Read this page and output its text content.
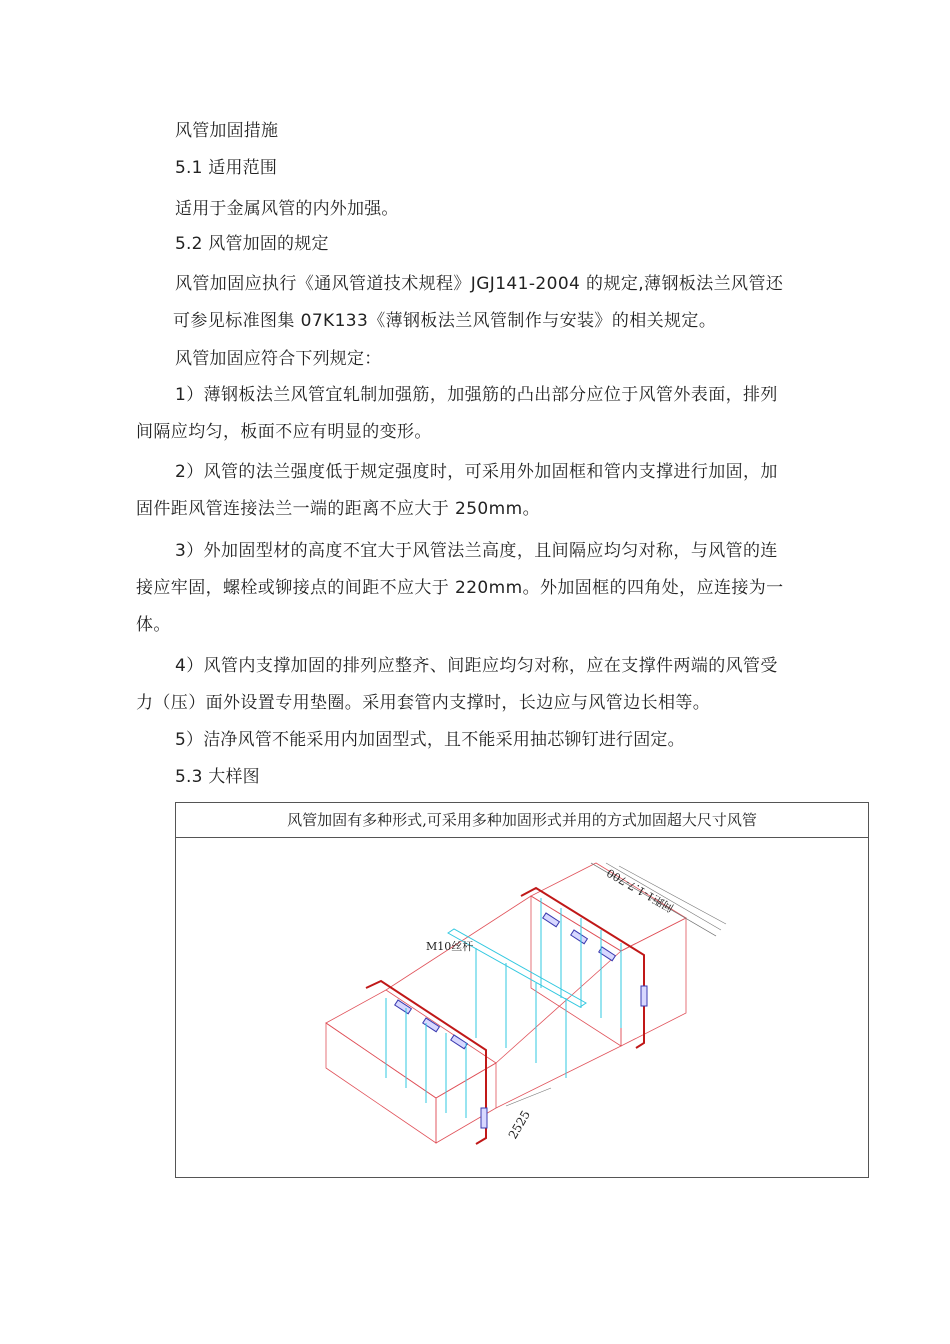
风管加固措施
5.1 适用范围
适用于金属风管的内外加强。
5.2 风管加固的规定
风管加固应执行《通风管道技术规程》JGJ141-2004 的规定,薄钢板法兰风管还
可参见标准图集 07K133《薄钢板法兰风管制作与安装》的相关规定。
风管加固应符合下列规定：
1）薄钢板法兰风管宜轧制加强筋，加强筋的凸出部分应位于风管外表面，排列
间隔应均匀，板面不应有明显的变形。
2）风管的法兰强度低于规定强度时，可采用外加固框和管内支撑进行加固，加
固件距风管连接法兰一端的距离不应大于 250mm。
3）外加固型材的高度不宜大于风管法兰高度，且间隔应均匀对称，与风管的连
接应牢固，螺栓或铆接点的间距不应大于 220mm。外加固框的四角处，应连接为一
体。
4）风管内支撑加固的排列应整齐、间距应均匀对称，应在支撑件两端的风管受
力（压）面外设置专用垫圈。采用套管内支撑时，长边应与风管边长相等。
5）洁净风管不能采用内加固型式，且不能采用抽芯铆钉进行固定。
5.3 大样图
风管加固有多种形式,可采用多种加固形式并用的方式加固超大尺寸风管
M10丝杆
间距1-1.7-700
2525
